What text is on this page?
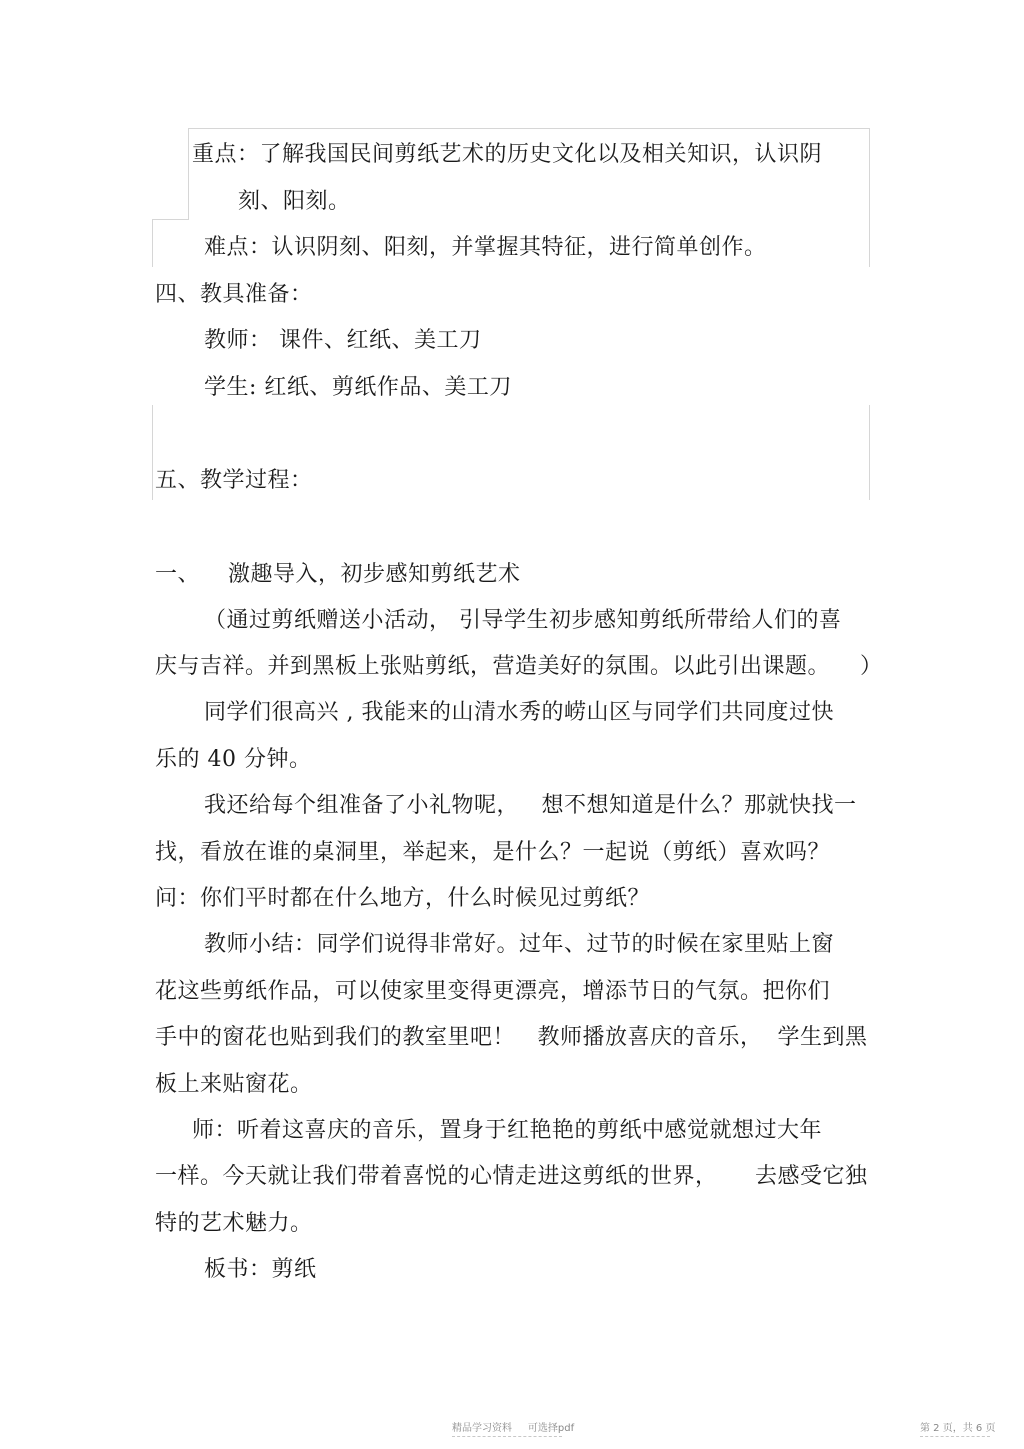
重点：了解我国民间剪纸艺术的历史文化以及相关知识，认识阴
刻、阳刻。
难点：认识阴刻、阳刻，并掌握其特征，进行简单创作。
四、教具准备：
教师： 课件、红纸、美工刀
学生: 红纸、剪纸作品、美工刀
五、教学过程：
一、 激趣导入，初步感知剪纸艺术
（通过剪纸赠送小活动， 引导学生初步感知剪纸所带给人们的喜
庆与吉祥。并到黑板上张贴剪纸，营造美好的氛围。以此引出课题。    ）
同学们很高兴 , 我能来的山清水秀的崂山区与同学们共同度过快
乐的 40 分钟。
我还给每个组准备了小礼物呢，   想不想知道是什么？那就快找一
找，看放在谁的桌洞里，举起来，是什么？一起说（剪纸）喜欢吗？
问：你们平时都在什么地方，什么时候见过剪纸？
教师小结：同学们说得非常好。过年、过节的时候在家里贴上窗
花这些剪纸作品，可以使家里变得更漂亮，增添节日的气氛。把你们
手中的窗花也贴到我们的教室里吧！   教师播放喜庆的音乐，  学生到黑
板上来贴窗花。
师：听着这喜庆的音乐，置身于红艳艳的剪纸中感觉就想过大年
一样。今天就让我们带着喜悦的心情走进这剪纸的世界，     去感受它独
特的艺术魅力。
板书：剪纸
精品学习资料     可选择pdf	第 2 页，共 6 页
